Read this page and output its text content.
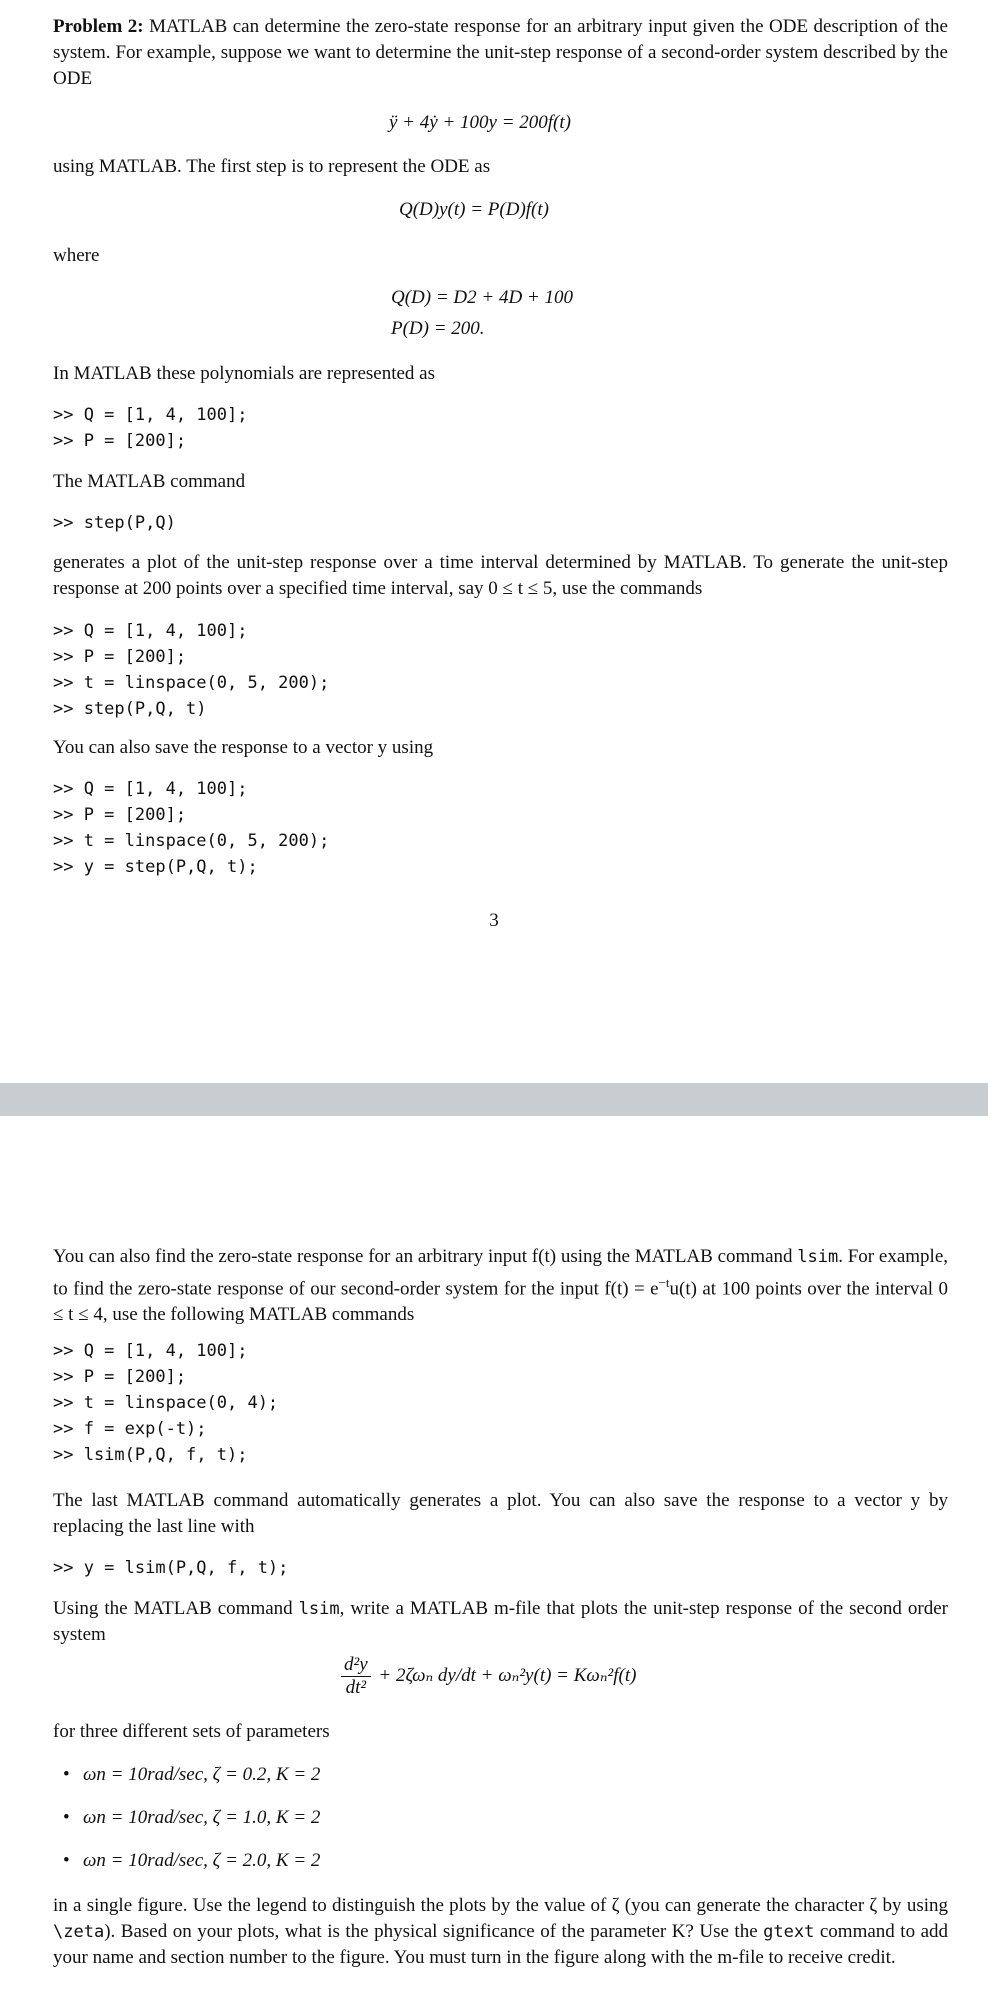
Problem 2: MATLAB can determine the zero-state response for an arbitrary input given the ODE description of the system. For example, suppose we want to determine the unit-step response of a second-order system described by the ODE

ÿ + 4ẏ + 100y = 200f(t)

using MATLAB. The first step is to represent the ODE as

Q(D)y(t) = P(D)f(t)

where

Q(D) = D2 + 4D + 100
P(D) = 200.

In MATLAB these polynomials are represented as

>> Q = [1, 4, 100];
>> P = [200];

The MATLAB command

>> step(P,Q)

generates a plot of the unit-step response over a time interval determined by MATLAB. To generate the unit-step response at 200 points over a specified time interval, say 0 ≤ t ≤ 5, use the commands

>> Q = [1, 4, 100];
>> P = [200];
>> t = linspace(0, 5, 200);
>> step(P,Q, t)

You can also save the response to a vector y using

>> Q = [1, 4, 100];
>> P = [200];
>> t = linspace(0, 5, 200);
>> y = step(P,Q, t);
3

You can also find the zero-state response for an arbitrary input f(t) using the MATLAB command lsim. For example, to find the zero-state response of our second-order system for the input $f(t) = e^{-t}u(t)$ at 100 points over the interval 0 ≤ t ≤ 4, use the following MATLAB commands

>> Q = [1, 4, 100];
>> P = [200];
>> t = linspace(0, 4);
>> f = exp(-t);
>> lsim(P,Q, f, t);

The last MATLAB command automatically generates a plot. You can also save the response to a vector y by replacing the last line with

>> y = lsim(P,Q, f, t);

Using the MATLAB command lsim, write a MATLAB m-file that plots the unit-step response of the second order system

$\frac{\text{d²y}}{\text{dt²}} + 2\zeta\omega_n$ dy/dt + ωₙ²y(t) = Kωₙ²f(t)

for three different sets of parameters

• ωn = 10rad/sec, ζ = 0.2, K = 2
• ωn = 10rad/sec, ζ = 1.0, K = 2
• ωn = 10rad/sec, ζ = 2.0, K = 2

in a single figure. Use the legend to distinguish the plots by the value of ζ (you can generate the character ζ by using \zeta). Based on your plots, what is the physical significance of the parameter K? Use the gtext command to add your name and section number to the figure. You must turn in the figure along with the m-file to receive credit.
